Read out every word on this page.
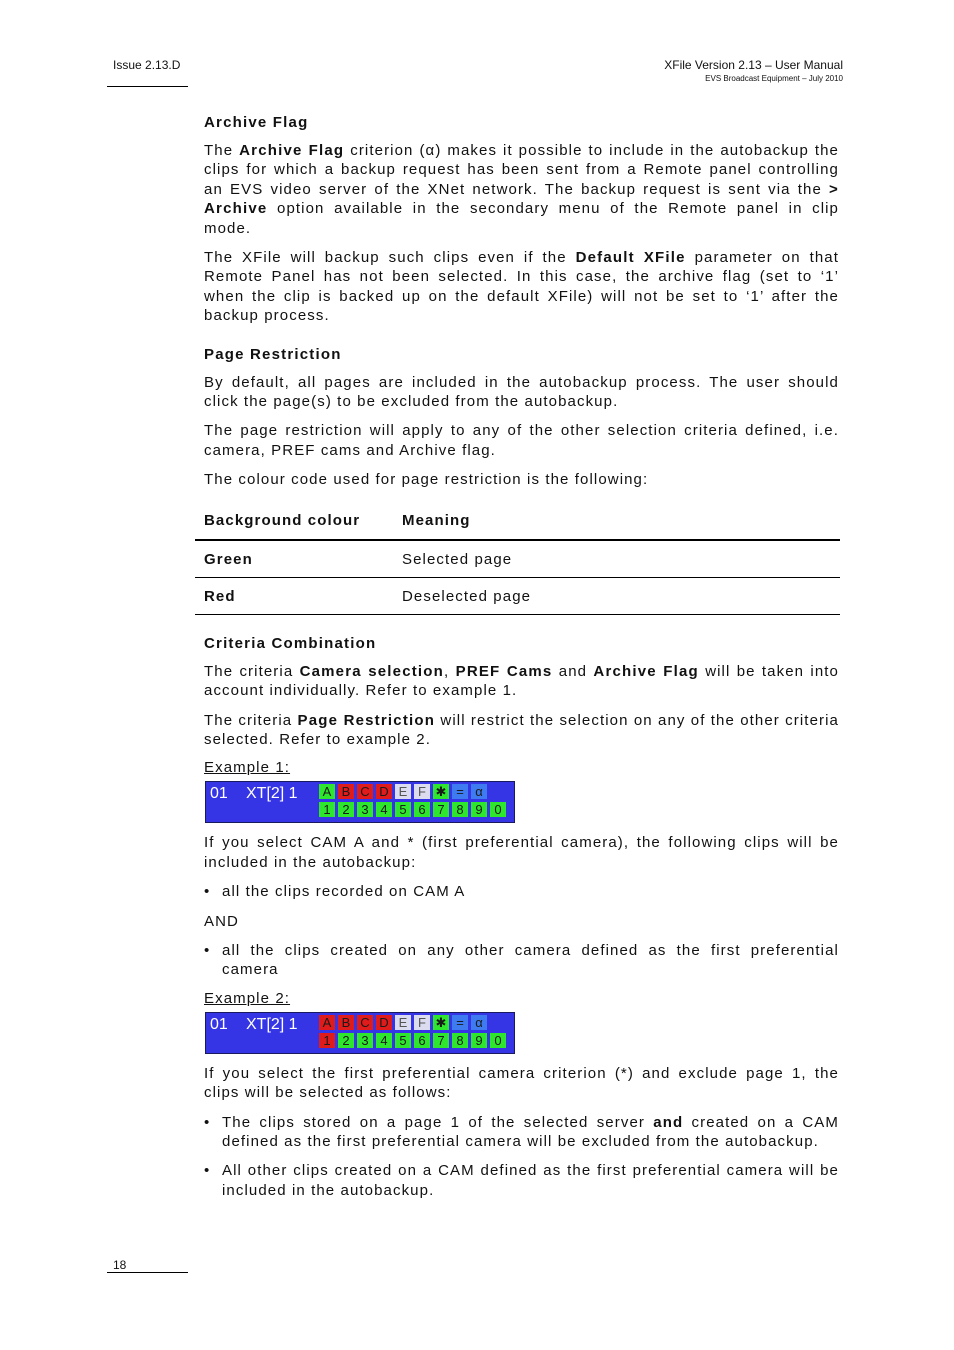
Issue 2.13.D	XFile Version 2.13 – User Manual
EVS Broadcast Equipment – July 2010
18
Archive Flag
The Archive Flag criterion (α) makes it possible to include in the autobackup the clips for which a backup request has been sent from a Remote panel controlling an EVS video server of the XNet network. The backup request is sent via the > Archive option available in the secondary menu of the Remote panel in clip mode.
The XFile will backup such clips even if the Default XFile parameter on that Remote Panel has not been selected. In this case, the archive flag (set to ‘1’ when the clip is backed up on the default XFile) will not be set to ‘1’ after the backup process.
Page Restriction
By default, all pages are included in the autobackup process. The user should click the page(s) to be excluded from the autobackup.
The page restriction will apply to any of the other selection criteria defined, i.e. camera, PREF cams and Archive flag.
The colour code used for page restriction is the following:
Background colour	Meaning
Green	Selected page
Red	Deselected page
Criteria Combination
The criteria Camera selection, PREF Cams and Archive Flag will be taken into account individually. Refer to example 1.
The criteria Page Restriction will restrict the selection on any of the other criteria selected. Refer to example 2.
Example 1:
01 XT[2] 1 A B C D E F ✱ = α
1 2 3 4 5 6 7 8 9 0
If you select CAM A and * (first preferential camera), the following clips will be included in the autobackup:
• all the clips recorded on CAM A
AND
• all the clips created on any other camera defined as the first preferential camera
Example 2:
01 XT[2] 1 A B C D E F ✱ = α
1 2 3 4 5 6 7 8 9 0
If you select the first preferential camera criterion (*) and exclude page 1, the clips will be selected as follows:
• The clips stored on a page 1 of the selected server and created on a CAM defined as the first preferential camera will be excluded from the autobackup.
• All other clips created on a CAM defined as the first preferential camera will be included in the autobackup.
